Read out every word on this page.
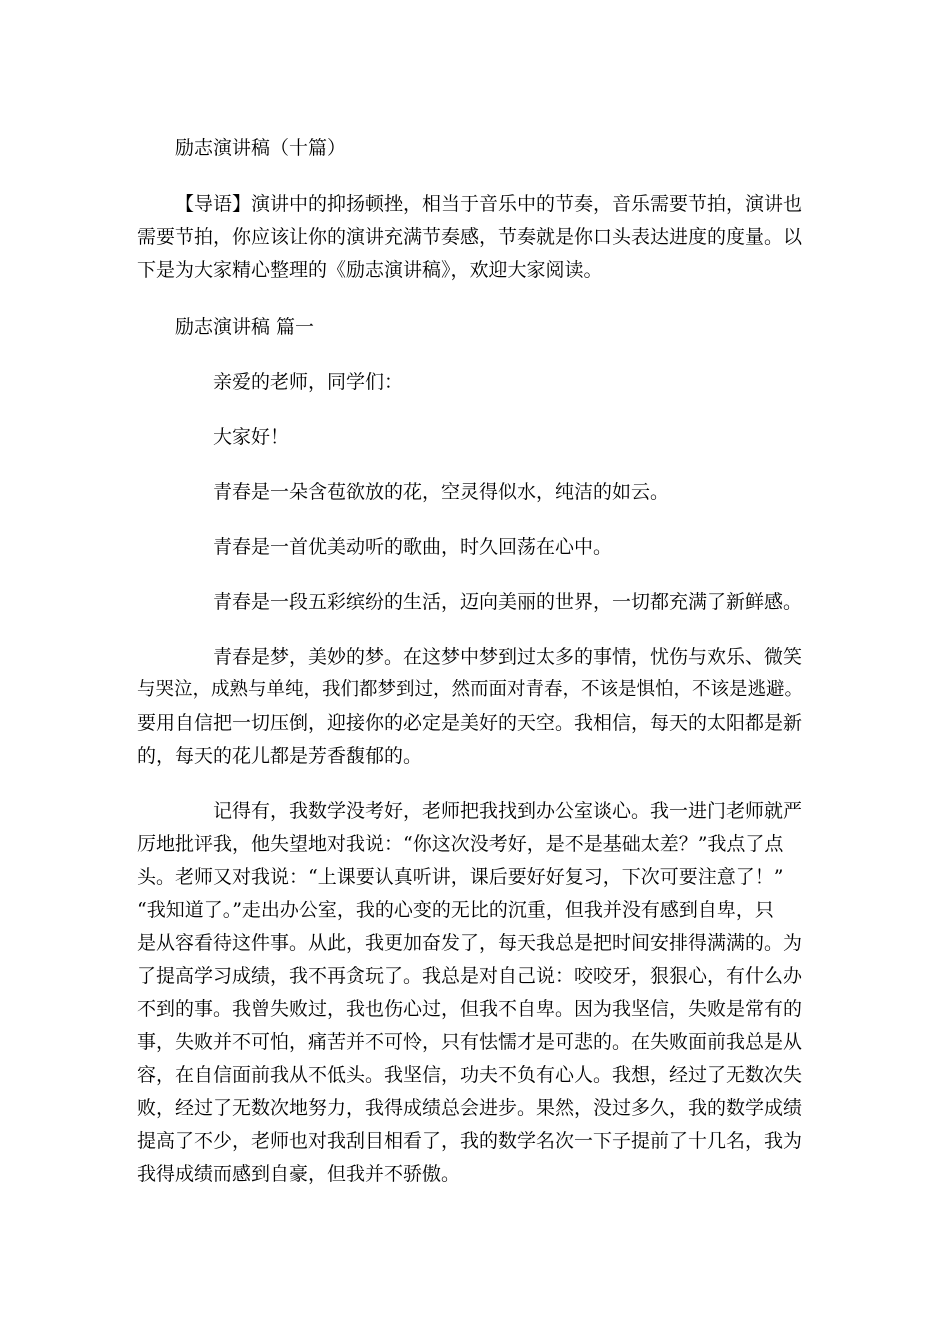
励志演讲稿（十篇）

【导语】演讲中的抑扬顿挫，相当于音乐中的节奏，音乐需要节拍，演讲也

需要节拍，你应该让你的演讲充满节奏感，节奏就是你口头表达进度的度量。以

下是为大家精心整理的《励志演讲稿》，欢迎大家阅读。

励志演讲稿 篇一

亲爱的老师，同学们：

大家好！

青春是一朵含苞欲放的花，空灵得似水，纯洁的如云。

青春是一首优美动听的歌曲，时久回荡在心中。

青春是一段五彩缤纷的生活，迈向美丽的世界，一切都充满了新鲜感。

青春是梦，美妙的梦。在这梦中梦到过太多的事情，忧伤与欢乐、微笑

与哭泣，成熟与单纯，我们都梦到过，然而面对青春，不该是惧怕，不该是逃避。

要用自信把一切压倒，迎接你的必定是美好的天空。我相信，每天的太阳都是新

的，每天的花儿都是芳香馥郁的。

记得有，我数学没考好，老师把我找到办公室谈心。我一进门老师就严

厉地批评我，他失望地对我说：“你这次没考好，是不是基础太差？”我点了点

头。老师又对我说：“上课要认真听讲，课后要好好复习，下次可要注意了！”

“我知道了。”走出办公室，我的心变的无比的沉重，但我并没有感到自卑，只

是从容看待这件事。从此，我更加奋发了，每天我总是把时间安排得满满的。为

了提高学习成绩，我不再贪玩了。我总是对自己说：咬咬牙，狠狠心，有什么办

不到的事。我曾失败过，我也伤心过，但我不自卑。因为我坚信，失败是常有的

事，失败并不可怕，痛苦并不可怜，只有怯懦才是可悲的。在失败面前我总是从

容，在自信面前我从不低头。我坚信，功夫不负有心人。我想，经过了无数次失

败，经过了无数次地努力，我得成绩总会进步。果然，没过多久，我的数学成绩

提高了不少，老师也对我刮目相看了，我的数学名次一下子提前了十几名，我为

我得成绩而感到自豪，但我并不骄傲。
